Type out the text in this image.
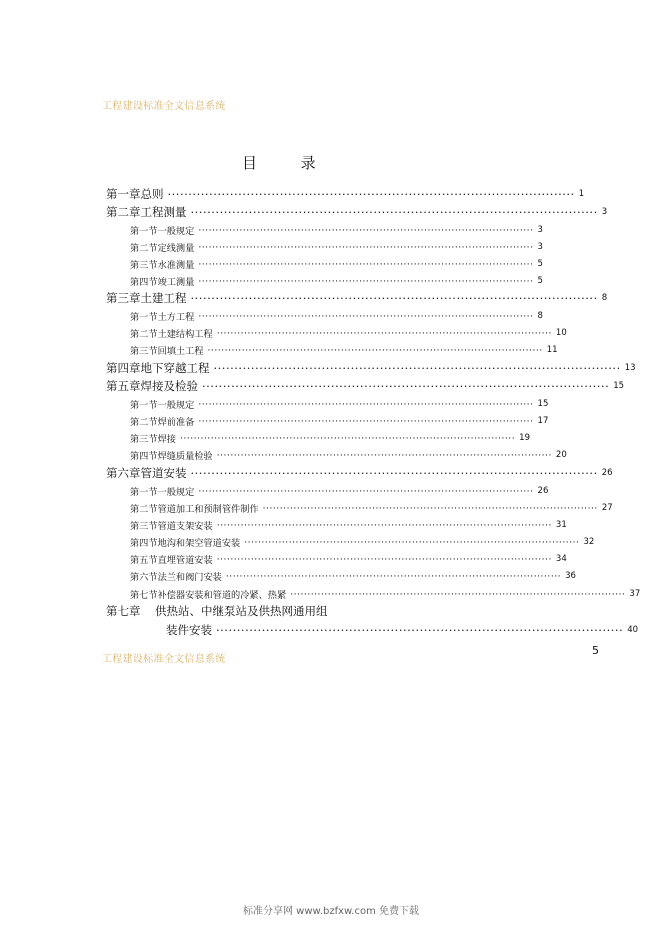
工程建设标准全文信息系统
目	录
第一章 总则 ·································································································· 1
第二章 工程测量 ·································································································· 3
第一节 一般规定 ·································································································· 3
第二节 定线测量 ·································································································· 3
第三节 水准测量 ·································································································· 5
第四节 竣工测量 ·································································································· 5
第三章 土建工程 ·································································································· 8
第一节 土方工程 ·································································································· 8
第二节 土建结构工程 ·································································································· 10
第三节 回填土工程 ·································································································· 11
第四章 地下穿越工程 ·································································································· 13
第五章 焊接及检验 ·································································································· 15
第一节 一般规定 ·································································································· 15
第二节 焊前准备 ·································································································· 17
第三节 焊接 ·································································································· 19
第四节 焊缝质量检验 ·································································································· 20
第六章 管道安装 ·································································································· 26
第一节 一般规定 ·································································································· 26
第二节 管道加工和预制管件制作 ·································································································· 27
第三节 管道支架安装 ·································································································· 31
第四节 地沟和架空管道安装 ·································································································· 32
第五节 直埋管道安装 ·································································································· 34
第六节 法兰和阀门安装 ·································································································· 36
第七节 补偿器安装和管道的冷紧、热紧 ·································································································· 37
第七章	供热站、中继泵站及供热网通用组
装件安装 ·································································································· 40
工程建设标准全文信息系统
5
标准分享网 www.bzfxw.com 免费下载
